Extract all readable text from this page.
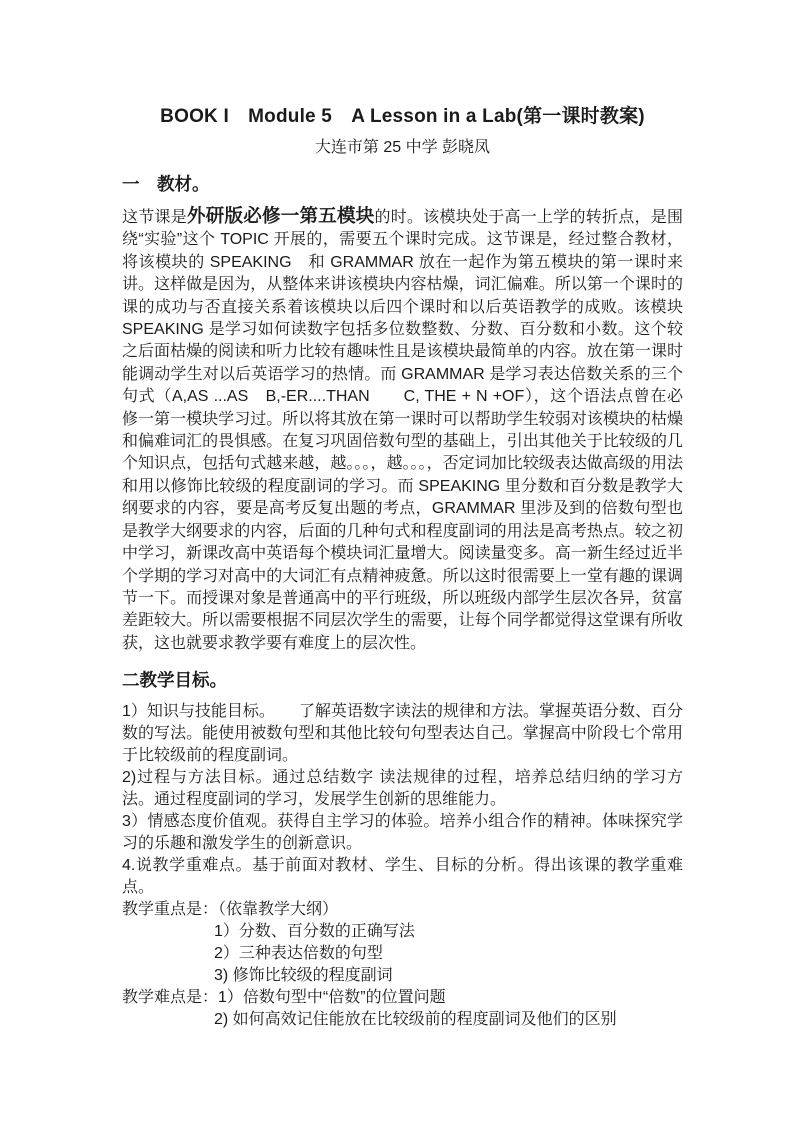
BOOK I　Module 5　A Lesson in a Lab(第一课时教案)
大连市第 25 中学 彭晓凤
一　教材。

这节课是外研版必修一第五模块的时。该模块处于高一上学的转折点，是围绕“实验”这个 TOPIC 开展的，需要五个课时完成。这节课是，经过整合教材，将该模块的 SPEAKING　和 GRAMMAR 放在一起作为第五模块的第一课时来讲。这样做是因为，从整体来讲该模块内容枯燥，词汇偏难。所以第一个课时的课的成功与否直接关系着该模块以后四个课时和以后英语教学的成败。该模块 SPEAKING 是学习如何读数字包括多位数整数、分数、百分数和小数。这个较之后面枯燥的阅读和听力比较有趣味性且是该模块最简单的内容。放在第一课时能调动学生对以后英语学习的热情。而 GRAMMAR 是学习表达倍数关系的三个句式（A,AS ...AS　B,-ER....THAN　　C, THE + N +OF），这个语法点曾在必修一第一模块学习过。所以将其放在第一课时可以帮助学生较弱对该模块的枯燥和偏难词汇的畏惧感。在复习巩固倍数句型的基础上，引出其他关于比较级的几个知识点，包括句式越来越，越。。。，越。。。，否定词加比较级表达做高级的用法和用以修饰比较级的程度副词的学习。而 SPEAKING 里分数和百分数是教学大纲要求的内容，要是高考反复出题的考点，GRAMMAR 里涉及到的倍数句型也是教学大纲要求的内容，后面的几种句式和程度副词的用法是高考热点。较之初中学习，新课改高中英语每个模块词汇量增大。阅读量变多。高一新生经过近半个学期的学习对高中的大词汇有点精神疲惫。所以这时很需要上一堂有趣的课调节一下。而授课对象是普通高中的平行班级，所以班级内部学生层次各异，贫富差距较大。所以需要根据不同层次学生的需要，让每个同学都觉得这堂课有所收获，这也就要求教学要有难度上的层次性。

二教学目标。

1）知识与技能目标。　　了解英语数字读法的规律和方法。掌握英语分数、百分数的写法。能使用被数句型和其他比较句句型表达自己。掌握高中阶段七个常用于比较级前的程度副词。

2)过程与方法目标。通过总结数字 读法规律的过程，培养总结归纳的学习方法。通过程度副词的学习，发展学生创新的思维能力。

3）情感态度价值观。获得自主学习的体验。培养小组合作的精神。体味探究学习的乐趣和激发学生的创新意识。

4.说教学重难点。基于前面对教材、学生、目标的分析。得出该课的教学重难点。

教学重点是：（依靠教学大纲）
1）分数、百分数的正确写法
2）三种表达倍数的句型
3) 修饰比较级的程度副词
教学难点是：1）倍数句型中“倍数”的位置问题
2) 如何高效记住能放在比较级前的程度副词及他们的区别
